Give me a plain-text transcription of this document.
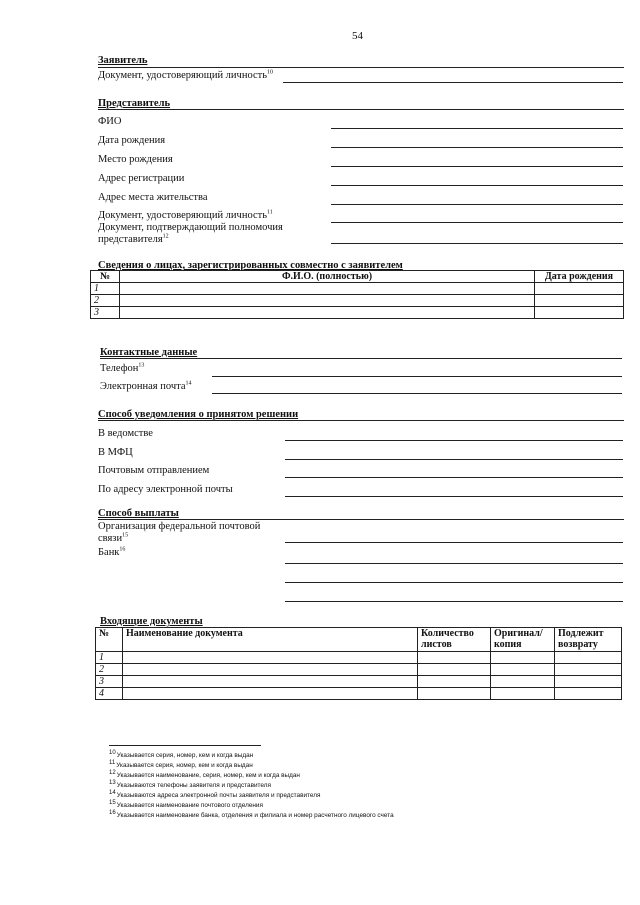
54
Заявитель
Документ, удостоверяющий личность$^{10}$
Представитель
ФИО
Дата рождения
Место рождения
Адрес регистрации
Адрес места жительства
Документ, удостоверяющий личность$^{11}$
Документ, подтверждающий полномочия
представителя$^{12}$
Сведения о лицах, зарегистрированных совместно с заявителем
№	Ф.И.О. (полностью)	Дата рождения
1		
2		
3		
Контактные данные
Телефон$^{13}$
Электронная почта$^{14}$
Способ уведомления о принятом решении
В ведомстве
В МФЦ
Почтовым отправлением
По адресу электронной почты
Способ выплаты
Организация федеральной почтовой
связи$^{15}$
Банк$^{16}$
Входящие документы
№	Наименование документа	Количество листов	Оригинал/ копия	Подлежит возврату
1				
2				
3				
4				
$^{10}$Указывается серия, номер, кем и когда выдан
$^{11}$Указывается серия, номер, кем и когда выдан
$^{12}$Указывается наименование, серия, номер, кем и когда выдан
$^{13}$Указываются телефоны заявителя и представителя
$^{14}$Указываются адреса электронной почты заявителя и представителя
$^{15}$Указывается наименование почтового отделения
$^{16}$Указывается наименование банка, отделения и филиала и номер расчетного лицевого счета
